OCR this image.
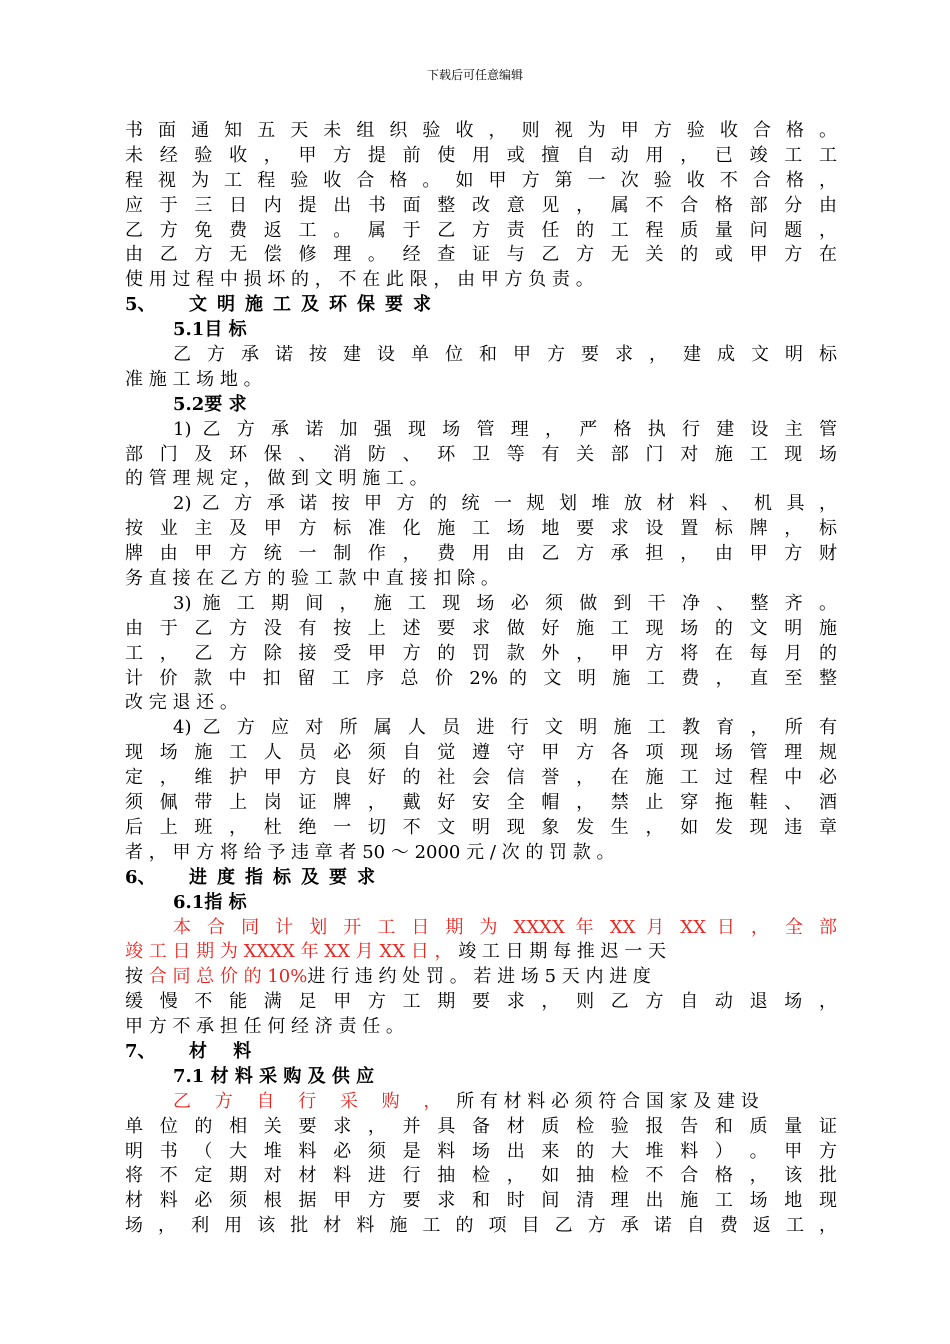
下载后可任意编辑
书 面 通 知 五 天 未 组 织 验 收 ， 则 视 为 甲 方 验 收 合 格 。
未 经 验 收 ， 甲 方 提 前 使 用 或 擅 自 动 用 ， 已 竣 工 工
程 视 为 工 程 验 收 合 格 。 如 甲 方 第 一 次 验 收 不 合 格 ，
应 于 三 日 内 提 出 书 面 整 改 意 见 ， 属 不 合 格 部 分 由
乙 方 免 费 返 工 。 属 于 乙 方 责 任 的 工 程 质 量 问 题 ，
由 乙 方 无 偿 修 理 。 经 查 证 与 乙 方 无 关 的 或 甲 方 在
使 用 过 程 中 损 坏 的 ， 不 在 此 限 ， 由 甲 方 负 责 。
5、 文明施工及环保要求
5.1目 标
乙 方 承 诺 按 建 设 单 位 和 甲 方 要 求 ， 建 成 文 明 标
准 施 工 场 地 。
5.2要 求
1) 乙 方 承 诺 加 强 现 场 管 理 ， 严 格 执 行 建 设 主 管
部 门 及 环 保 、 消 防 、 环 卫 等 有 关 部 门 对 施 工 现 场
的 管 理 规 定 ， 做 到 文 明 施 工 。
2) 乙 方 承 诺 按 甲 方 的 统 一 规 划 堆 放 材 料 、 机 具 ，
按 业 主 及 甲 方 标 准 化 施 工 场 地 要 求 设 置 标 牌 ， 标
牌 由 甲 方 统 一 制 作 ， 费 用 由 乙 方 承 担 ， 由 甲 方 财
务 直 接 在 乙 方 的 验 工 款 中 直 接 扣 除 。
3) 施 工 期 间 ， 施 工 现 场 必 须 做 到 干 净 、 整 齐 。
由 于 乙 方 没 有 按 上 述 要 求 做 好 施 工 现 场 的 文 明 施
工 ， 乙 方 除 接 受 甲 方 的 罚 款 外 ， 甲 方 将 在 每 月 的
计 价 款 中 扣 留 工 序 总 价 2% 的 文 明 施 工 费 ， 直 至 整
改 完 退 还 。
4) 乙 方 应 对 所 属 人 员 进 行 文 明 施 工 教 育 ， 所 有
现 场 施 工 人 员 必 须 自 觉 遵 守 甲 方 各 项 现 场 管 理 规
定 ， 维 护 甲 方 良 好 的 社 会 信 誉 ， 在 施 工 过 程 中 必
须 佩 带 上 岗 证 牌 ， 戴 好 安 全 帽 ， 禁 止 穿 拖 鞋 、 酒
后 上 班 ， 杜 绝 一 切 不 文 明 现 象 发 生 ， 如 发 现 违 章
者 ， 甲 方 将 给 予 违 章 者 50 ～ 2000 元 / 次 的 罚 款 。
6、 进度指标及要求
6.1指 标
本 合 同 计 划 开 工 日 期 为 XXXX 年 XX 月 XX 日 ， 全 部
竣 工 日 期 为 XXXX 年 XX 月 XX 日 ， 竣 工 日 期 每 推 迟 一 天
按 合 同 总 价 的 10%进 行 违 约 处 罚 。 若 进 场 5 天 内 进 度
缓 慢 不 能 满 足 甲 方 工 期 要 求 ， 则 乙 方 自 动 退 场 ，
甲 方 不 承 担 任 何 经 济 责 任 。
7、 材 料
7.1 材 料 采 购 及 供 应
乙 方 自 行 采 购 ， 所 有 材 料 必 须 符 合 国 家 及 建 设
单 位 的 相 关 要 求 ， 并 具 备 材 质 检 验 报 告 和 质 量 证
明 书 （ 大 堆 料 必 须 是 料 场 出 来 的 大 堆 料 ） 。 甲 方
将 不 定 期 对 材 料 进 行 抽 检 ， 如 抽 检 不 合 格 ， 该 批
材 料 必 须 根 据 甲 方 要 求 和 时 间 清 理 出 施 工 场 地 现
场 ， 利 用 该 批 材 料 施 工 的 项 目 乙 方 承 诺 自 费 返 工 ，
